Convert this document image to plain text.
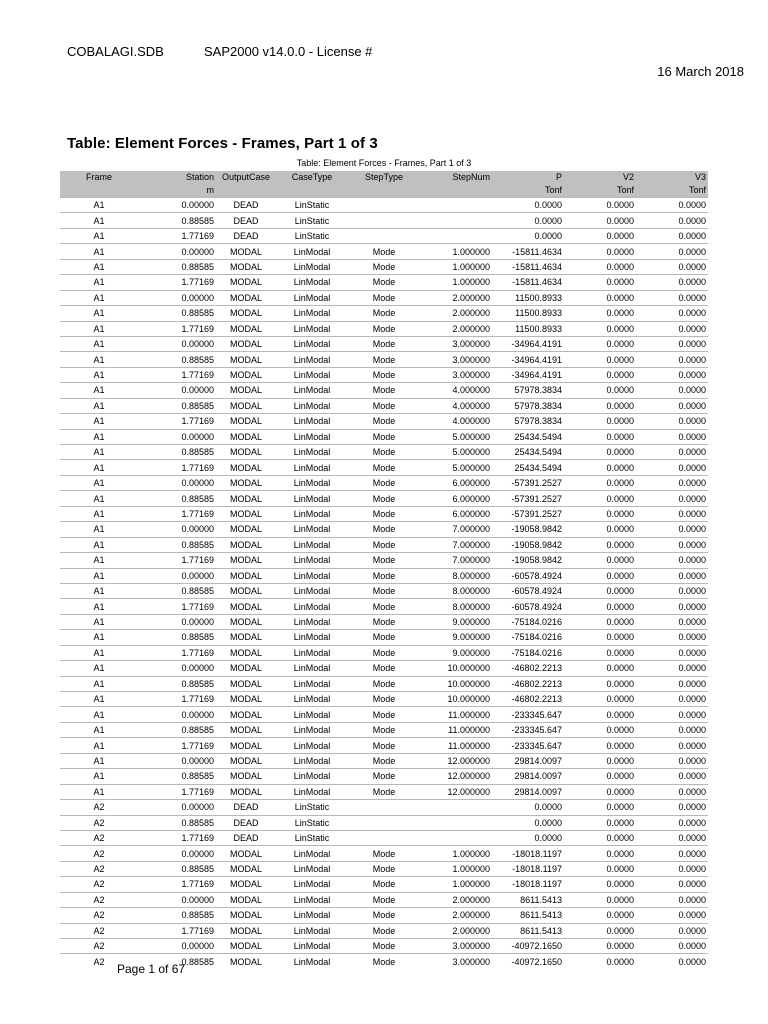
COBALAGI.SDB	SAP2000 v14.0.0 - License #
16 March 2018
Table: Element Forces - Frames, Part 1 of 3
Table: Element Forces - Frames, Part 1 of 3
Frame	Station	OutputCase	CaseType	StepType	StepNum	P	V2	V3
	m					Tonf	Tonf	Tonf
A1	0.00000	DEAD	LinStatic			0.0000	0.0000	0.0000
A1	0.88585	DEAD	LinStatic			0.0000	0.0000	0.0000
A1	1.77169	DEAD	LinStatic			0.0000	0.0000	0.0000
A1	0.00000	MODAL	LinModal	Mode	1.000000	-15811.4634	0.0000	0.0000
A1	0.88585	MODAL	LinModal	Mode	1.000000	-15811.4634	0.0000	0.0000
A1	1.77169	MODAL	LinModal	Mode	1.000000	-15811.4634	0.0000	0.0000
A1	0.00000	MODAL	LinModal	Mode	2.000000	11500.8933	0.0000	0.0000
A1	0.88585	MODAL	LinModal	Mode	2.000000	11500.8933	0.0000	0.0000
A1	1.77169	MODAL	LinModal	Mode	2.000000	11500.8933	0.0000	0.0000
A1	0.00000	MODAL	LinModal	Mode	3.000000	-34964.4191	0.0000	0.0000
A1	0.88585	MODAL	LinModal	Mode	3.000000	-34964.4191	0.0000	0.0000
A1	1.77169	MODAL	LinModal	Mode	3.000000	-34964.4191	0.0000	0.0000
A1	0.00000	MODAL	LinModal	Mode	4.000000	57978.3834	0.0000	0.0000
A1	0.88585	MODAL	LinModal	Mode	4.000000	57978.3834	0.0000	0.0000
A1	1.77169	MODAL	LinModal	Mode	4.000000	57978.3834	0.0000	0.0000
A1	0.00000	MODAL	LinModal	Mode	5.000000	25434.5494	0.0000	0.0000
A1	0.88585	MODAL	LinModal	Mode	5.000000	25434.5494	0.0000	0.0000
A1	1.77169	MODAL	LinModal	Mode	5.000000	25434.5494	0.0000	0.0000
A1	0.00000	MODAL	LinModal	Mode	6.000000	-57391.2527	0.0000	0.0000
A1	0.88585	MODAL	LinModal	Mode	6.000000	-57391.2527	0.0000	0.0000
A1	1.77169	MODAL	LinModal	Mode	6.000000	-57391.2527	0.0000	0.0000
A1	0.00000	MODAL	LinModal	Mode	7.000000	-19058.9842	0.0000	0.0000
A1	0.88585	MODAL	LinModal	Mode	7.000000	-19058.9842	0.0000	0.0000
A1	1.77169	MODAL	LinModal	Mode	7.000000	-19058.9842	0.0000	0.0000
A1	0.00000	MODAL	LinModal	Mode	8.000000	-60578.4924	0.0000	0.0000
A1	0.88585	MODAL	LinModal	Mode	8.000000	-60578.4924	0.0000	0.0000
A1	1.77169	MODAL	LinModal	Mode	8.000000	-60578.4924	0.0000	0.0000
A1	0.00000	MODAL	LinModal	Mode	9.000000	-75184.0216	0.0000	0.0000
A1	0.88585	MODAL	LinModal	Mode	9.000000	-75184.0216	0.0000	0.0000
A1	1.77169	MODAL	LinModal	Mode	9.000000	-75184.0216	0.0000	0.0000
A1	0.00000	MODAL	LinModal	Mode	10.000000	-46802.2213	0.0000	0.0000
A1	0.88585	MODAL	LinModal	Mode	10.000000	-46802.2213	0.0000	0.0000
A1	1.77169	MODAL	LinModal	Mode	10.000000	-46802.2213	0.0000	0.0000
A1	0.00000	MODAL	LinModal	Mode	11.000000	-233345.647	0.0000	0.0000
A1	0.88585	MODAL	LinModal	Mode	11.000000	-233345.647	0.0000	0.0000
A1	1.77169	MODAL	LinModal	Mode	11.000000	-233345.647	0.0000	0.0000
A1	0.00000	MODAL	LinModal	Mode	12.000000	29814.0097	0.0000	0.0000
A1	0.88585	MODAL	LinModal	Mode	12.000000	29814.0097	0.0000	0.0000
A1	1.77169	MODAL	LinModal	Mode	12.000000	29814.0097	0.0000	0.0000
A2	0.00000	DEAD	LinStatic			0.0000	0.0000	0.0000
A2	0.88585	DEAD	LinStatic			0.0000	0.0000	0.0000
A2	1.77169	DEAD	LinStatic			0.0000	0.0000	0.0000
A2	0.00000	MODAL	LinModal	Mode	1.000000	-18018.1197	0.0000	0.0000
A2	0.88585	MODAL	LinModal	Mode	1.000000	-18018.1197	0.0000	0.0000
A2	1.77169	MODAL	LinModal	Mode	1.000000	-18018.1197	0.0000	0.0000
A2	0.00000	MODAL	LinModal	Mode	2.000000	8611.5413	0.0000	0.0000
A2	0.88585	MODAL	LinModal	Mode	2.000000	8611.5413	0.0000	0.0000
A2	1.77169	MODAL	LinModal	Mode	2.000000	8611.5413	0.0000	0.0000
A2	0.00000	MODAL	LinModal	Mode	3.000000	-40972.1650	0.0000	0.0000
A2	0.88585	MODAL	LinModal	Mode	3.000000	-40972.1650	0.0000	0.0000
Page 1 of 67
